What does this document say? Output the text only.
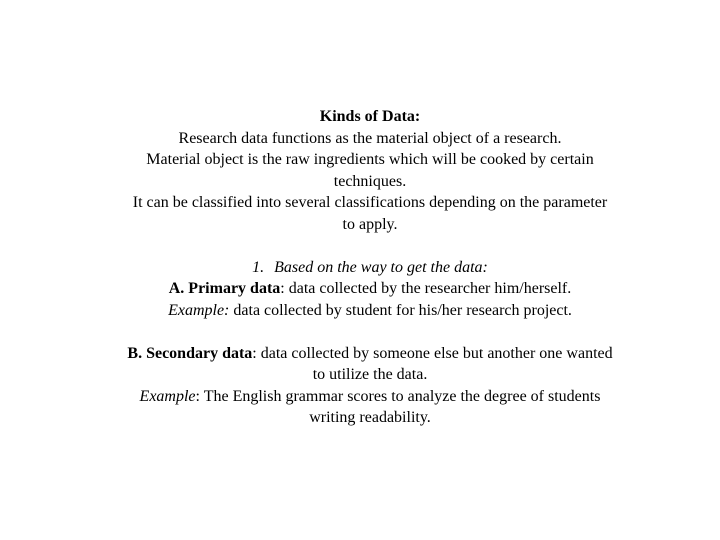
Kinds of Data:
Research data functions as the material object of a research.
Material object is the raw ingredients which will be cooked by certain
techniques.
It can be classified into several classifications depending on the parameter
to apply.
1. Based on the way to get the data:
A. Primary data: data collected by the researcher him/herself.
Example: data collected by student for his/her research project.
B. Secondary data: data collected by someone else but another one wanted
to utilize the data.
Example: The English grammar scores to analyze the degree of students
writing readability.
